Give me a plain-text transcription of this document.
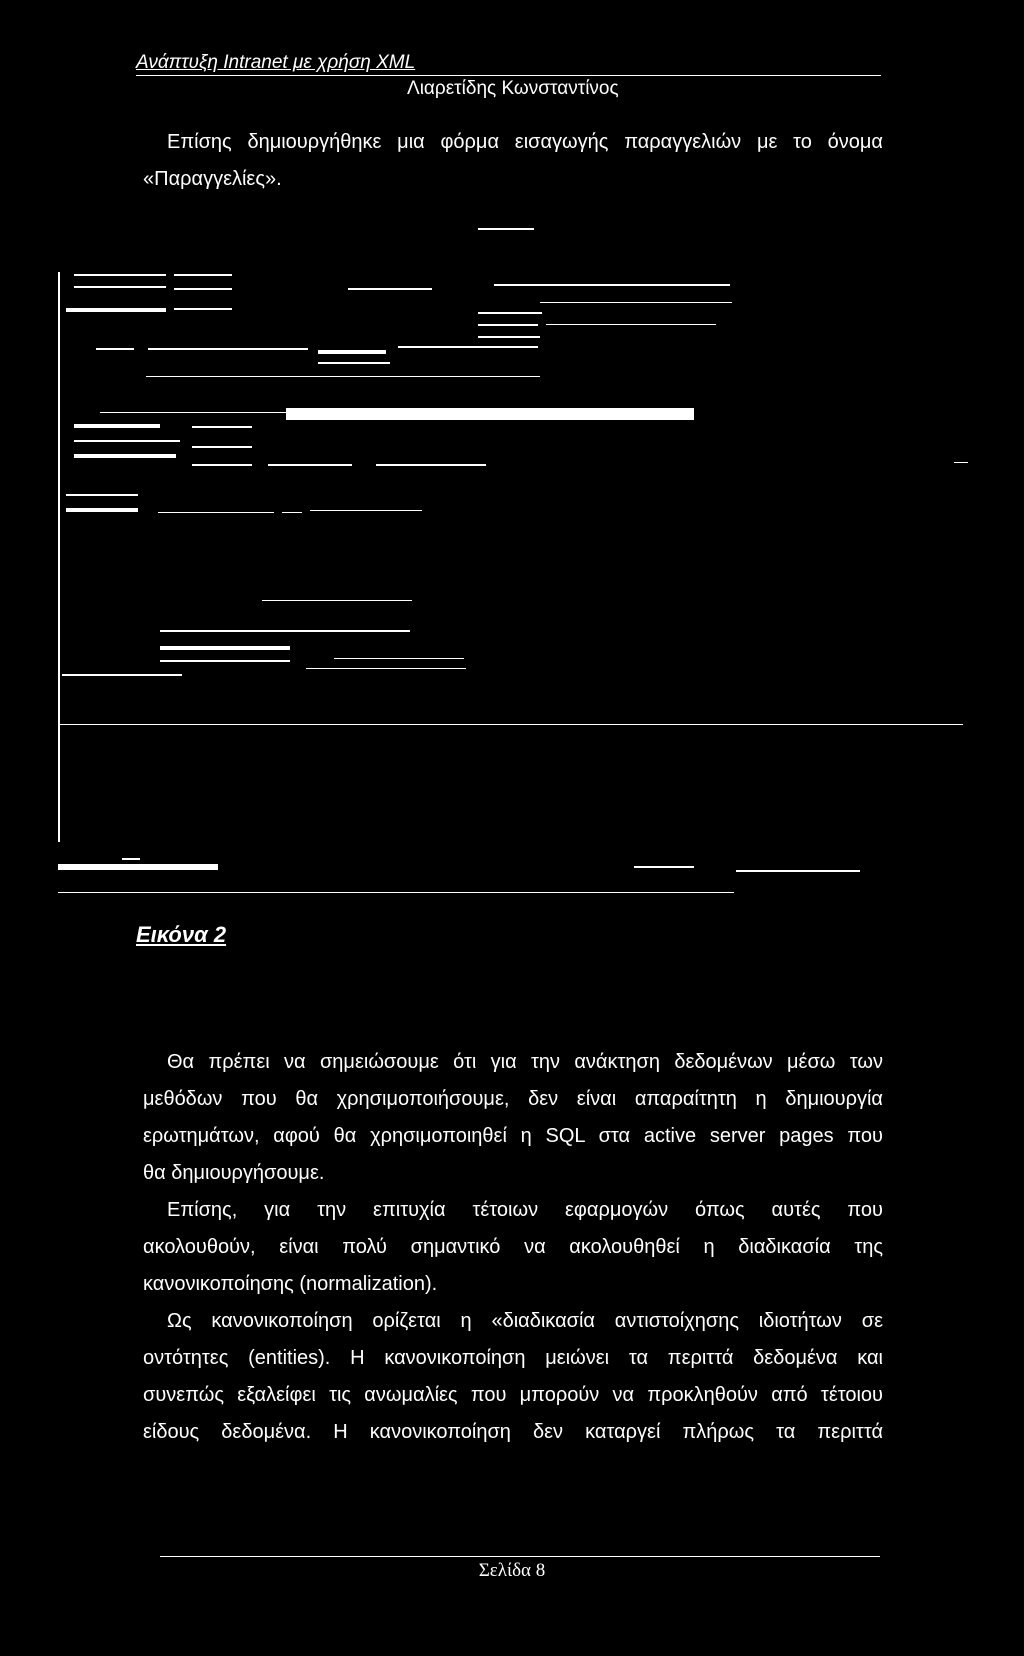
Ανάπτυξη Intranet με χρήση XML
Λιαρετίδης Κωνσταντίνος
Επίσης δημιουργήθηκε μια φόρμα εισαγωγής παραγγελιών με το όνομα
«Παραγγελίες».
Εικόνα 2
Θα πρέπει να σημειώσουμε ότι για την ανάκτηση δεδομένων μέσω των
μεθόδων που θα χρησιμοποιήσουμε, δεν είναι απαραίτητη η δημιουργία
ερωτημάτων, αφού θα χρησιμοποιηθεί η SQL στα active server pages που
θα δημιουργήσουμε.
Επίσης, για την επιτυχία τέτοιων εφαρμογών όπως αυτές που
ακολουθούν, είναι πολύ σημαντικό να ακολουθηθεί η διαδικασία της
κανονικοποίησης (normalization).
Ως κανονικοποίηση ορίζεται η «διαδικασία αντιστοίχησης ιδιοτήτων σε
οντότητες (entities). Η κανονικοποίηση μειώνει τα περιττά δεδομένα και
συνεπώς εξαλείφει τις ανωμαλίες που μπορούν να προκληθούν από τέτοιου
είδους δεδομένα. Η κανονικοποίηση δεν καταργεί πλήρως τα περιττά
Σελίδα 8
